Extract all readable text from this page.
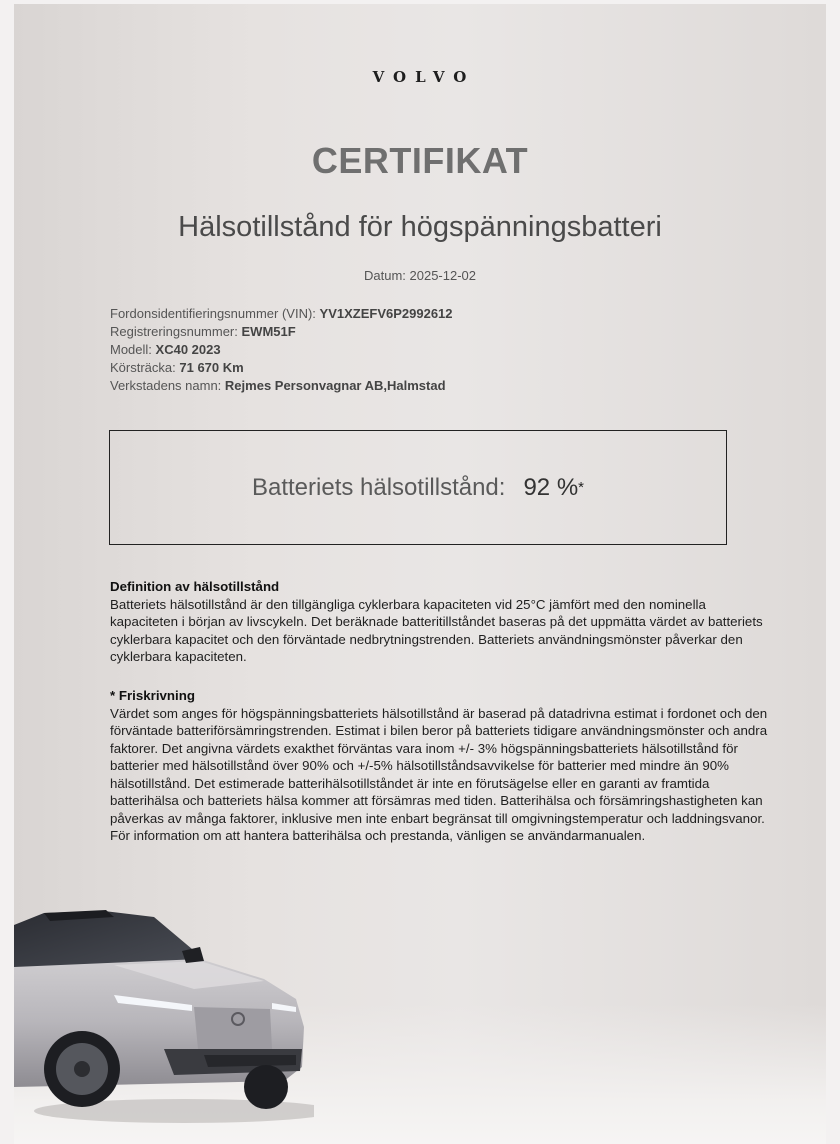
VOLVO
CERTIFIKAT
Hälsotillstånd för högspänningsbatteri
Datum: 2025-12-02
Fordonsidentifieringsnummer (VIN): YV1XZEFV6P2992612
Registreringsnummer: EWM51F
Modell: XC40 2023
Körsträcka: 71 670 Km
Verkstadens namn: Rejmes Personvagnar AB,Halmstad
Batteriets hälsotillstånd: 92 % *
Definition av hälsotillstånd

Batteriets hälsotillstånd är den tillgängliga cyklerbara kapaciteten vid 25°C jämfört med den nominella kapaciteten i början av livscykeln. Det beräknade batteritillståndet baseras på det uppmätta värdet av batteriets cyklerbara kapacitet och den förväntade nedbrytningstrenden. Batteriets användningsmönster påverkar den cyklerbara kapaciteten.

* Friskrivning

Värdet som anges för högspänningsbatteriets hälsotillstånd är baserad på datadrivna estimat i fordonet och den förväntade batteriförsämringstrenden. Estimat i bilen beror på batteriets tidigare användningsmönster och andra faktorer. Det angivna värdets exakthet förväntas vara inom +/- 3% högspänningsbatteriets hälsotillstånd för batterier med hälsotillstånd över 90% och +/-5% hälsotillståndsavvikelse för batterier med mindre än 90% hälsotillstånd. Det estimerade batterihälsotillståndet är inte en förutsägelse eller en garanti av framtida batterihälsa och batteriets hälsa kommer att försämras med tiden. Batterihälsa och försämringshastigheten kan påverkas av många faktorer, inklusive men inte enbart begränsat till omgivningstemperatur och laddningsvanor. För information om att hantera batterihälsa och prestanda, vänligen se användarmanualen.
